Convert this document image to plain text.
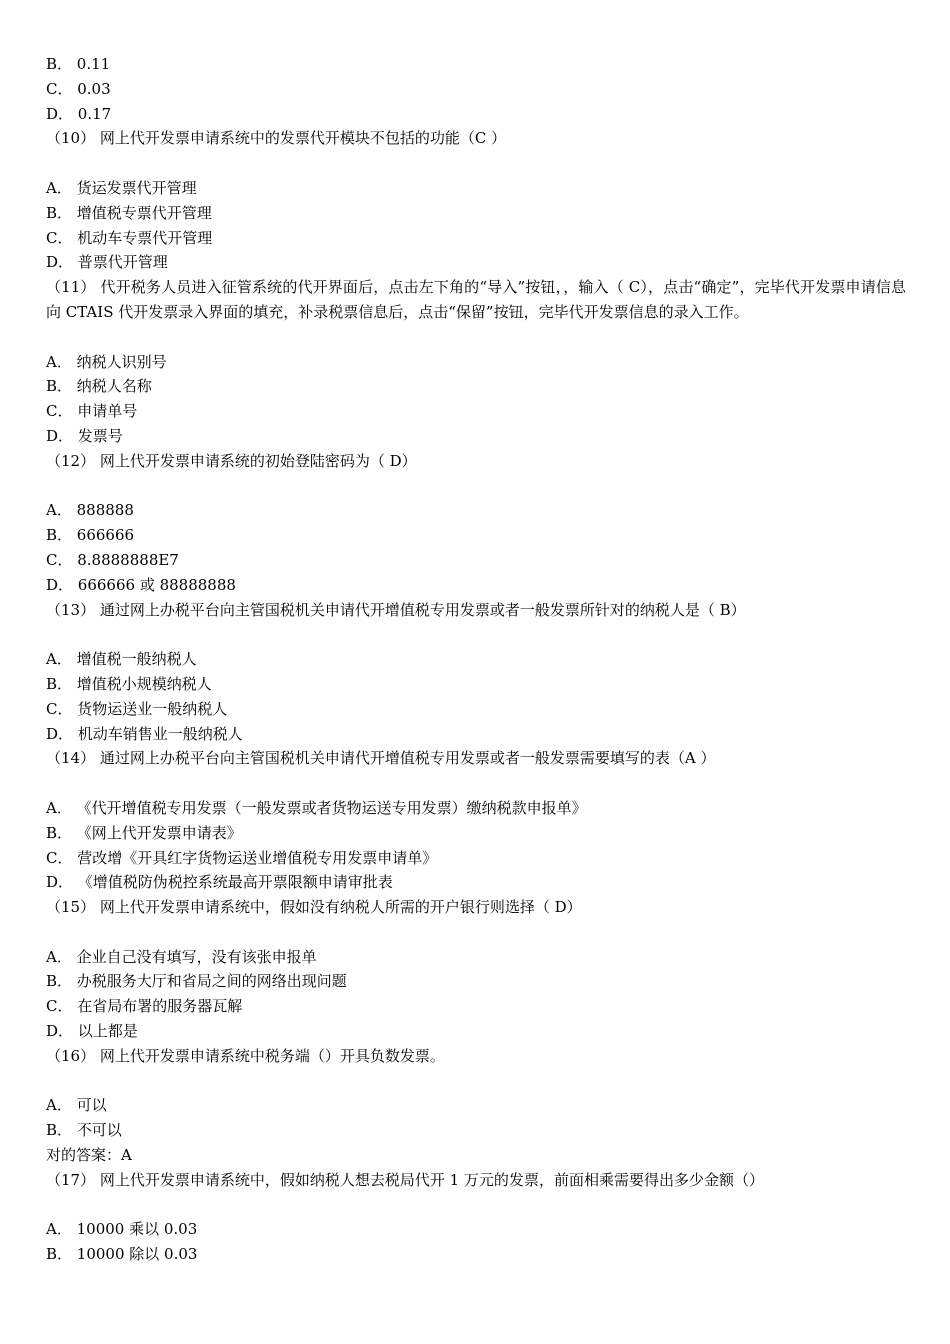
B． 0.11
C． 0.03
D． 0.17
（10） 网上代开发票申请系统中的发票代开模块不包括的功能（C ）
A． 货运发票代开管理
B． 增值税专票代开管理
C． 机动车专票代开管理
D． 普票代开管理
（11） 代开税务人员进入征管系统的代开界面后，点击左下角的“导入”按钮，，输入（ C），点击“确定”，完毕代开发票申请信息向 CTAIS 代开发票录入界面的填充，补录税票信息后，点击“保留”按钮，完毕代开发票信息的录入工作。
A． 纳税人识别号
B． 纳税人名称
C． 申请单号
D． 发票号
（12） 网上代开发票申请系统的初始登陆密码为（ D）
A． 888888
B． 666666
C． 8.8888888E7
D． 666666 或 88888888
（13） 通过网上办税平台向主管国税机关申请代开增值税专用发票或者一般发票所针对的纳税人是（ B）
A． 增值税一般纳税人
B． 增值税小规模纳税人
C． 货物运送业一般纳税人
D． 机动车销售业一般纳税人
（14） 通过网上办税平台向主管国税机关申请代开增值税专用发票或者一般发票需要填写的表（A ）
A． 《代开增值税专用发票（一般发票或者货物运送专用发票）缴纳税款申报单》
B． 《网上代开发票申请表》
C． 营改增《开具红字货物运送业增值税专用发票申请单》
D． 《增值税防伪税控系统最高开票限额申请审批表
（15） 网上代开发票申请系统中，假如没有纳税人所需的开户银行则选择（ D）
A． 企业自己没有填写，没有该张申报单
B． 办税服务大厅和省局之间的网络出现问题
C． 在省局布署的服务器瓦解
D． 以上都是
（16） 网上代开发票申请系统中税务端（）开具负数发票。
A． 可以
B． 不可以
对的答案：A
（17） 网上代开发票申请系统中，假如纳税人想去税局代开 1 万元的发票，前面相乘需要得出多少金额（）
A． 10000 乘以 0.03
B． 10000 除以 0.03
